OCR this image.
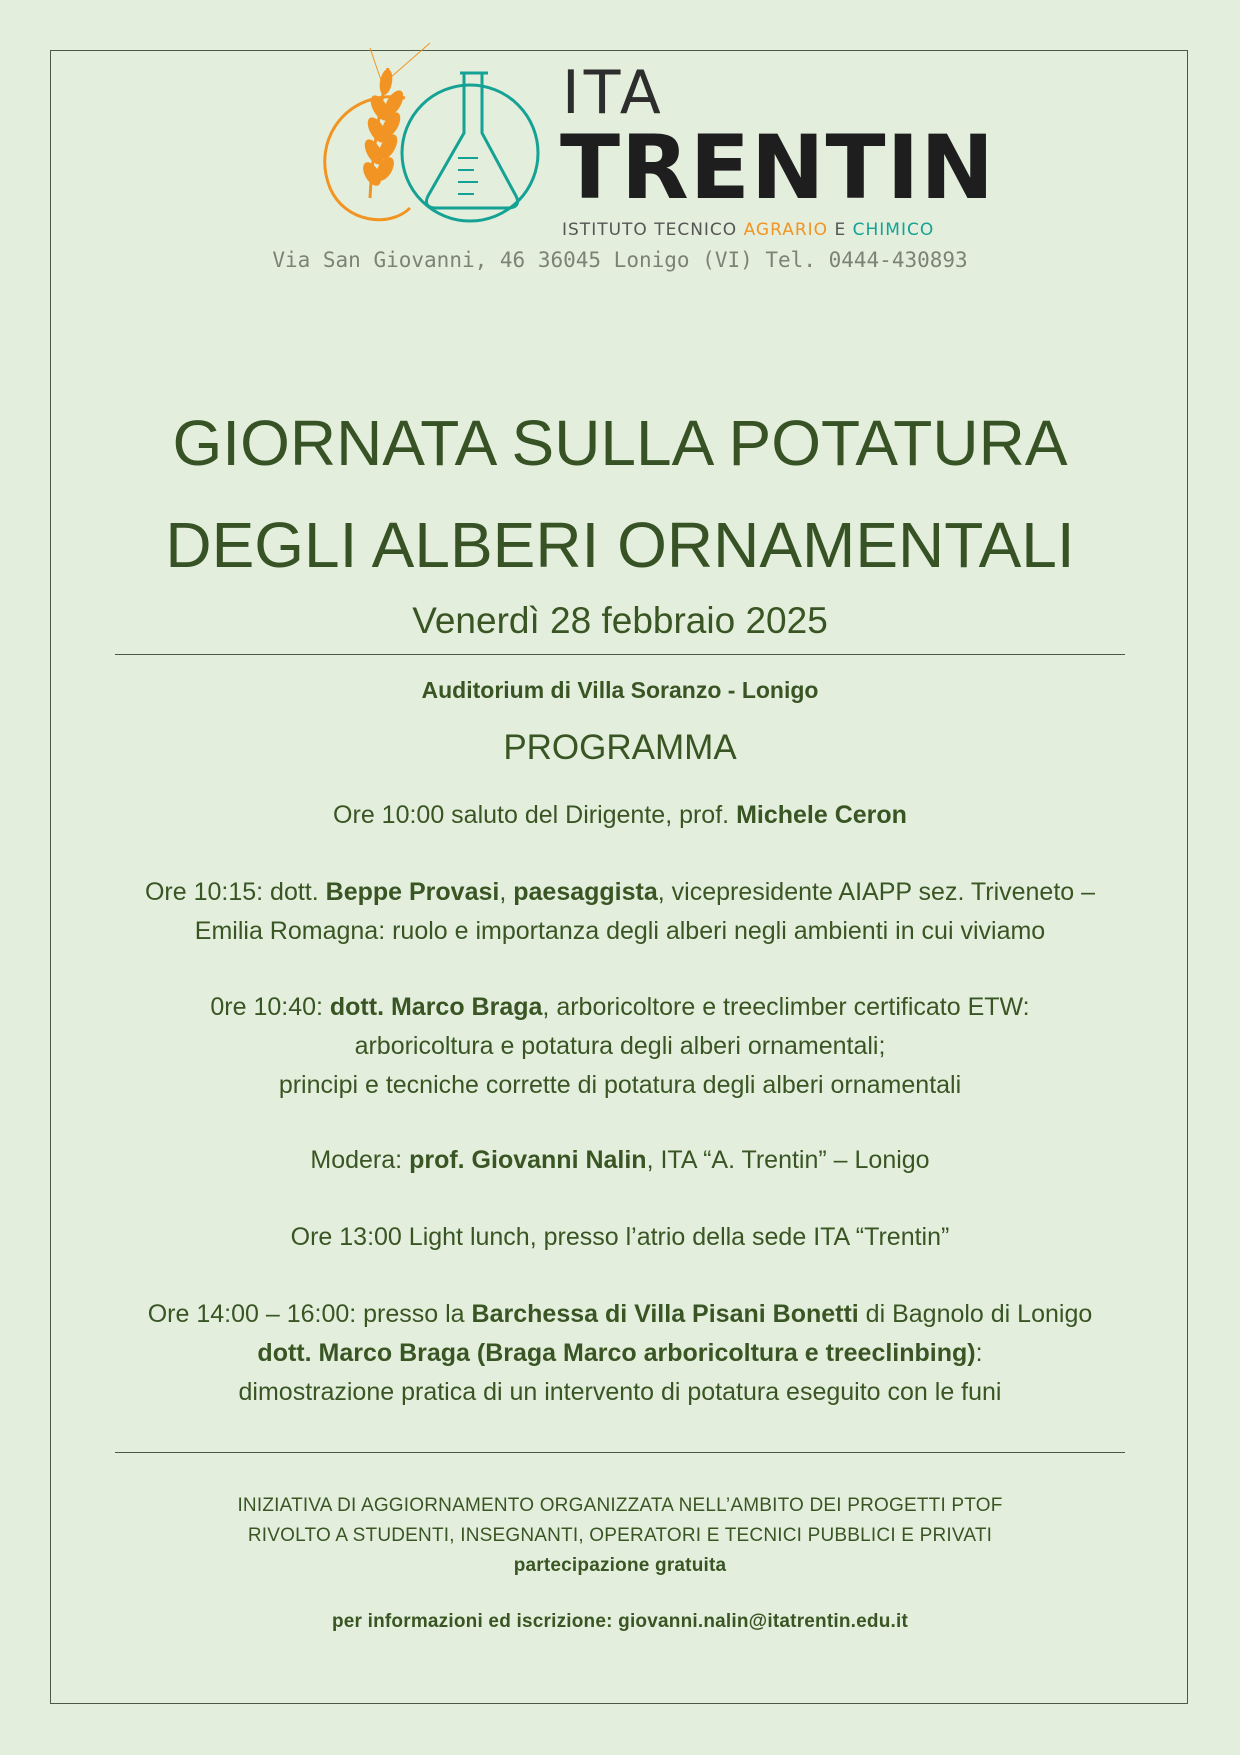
ITA
TRENTIN
ISTITUTO TECNICO AGRARIO E CHIMICO
Via San Giovanni, 46 36045 Lonigo (VI) Tel. 0444-430893
GIORNATA SULLA POTATURA
DEGLI ALBERI ORNAMENTALI
Venerdì 28 febbraio 2025
Auditorium di Villa Soranzo - Lonigo
PROGRAMMA
Ore 10:00 saluto del Dirigente, prof. Michele Ceron
Ore 10:15: dott. Beppe Provasi, paesaggista, vicepresidente AIAPP sez. Triveneto –
Emilia Romagna: ruolo e importanza degli alberi negli ambienti in cui viviamo
0re 10:40: dott. Marco Braga, arboricoltore e treeclimber certificato ETW:
arboricoltura e potatura degli alberi ornamentali;
principi e tecniche corrette di potatura degli alberi ornamentali
Modera: prof. Giovanni Nalin, ITA “A. Trentin” – Lonigo
Ore 13:00 Light lunch, presso l’atrio della sede ITA “Trentin”
Ore 14:00 – 16:00: presso la Barchessa di Villa Pisani Bonetti di Bagnolo di Lonigo
dott. Marco Braga (Braga Marco arboricoltura e treeclinbing):
dimostrazione pratica di un intervento di potatura eseguito con le funi
INIZIATIVA DI AGGIORNAMENTO ORGANIZZATA NELL’AMBITO DEI PROGETTI PTOF
RIVOLTO A STUDENTI, INSEGNANTI, OPERATORI E TECNICI PUBBLICI E PRIVATI
partecipazione gratuita
per informazioni ed iscrizione: giovanni.nalin@itatrentin.edu.it
